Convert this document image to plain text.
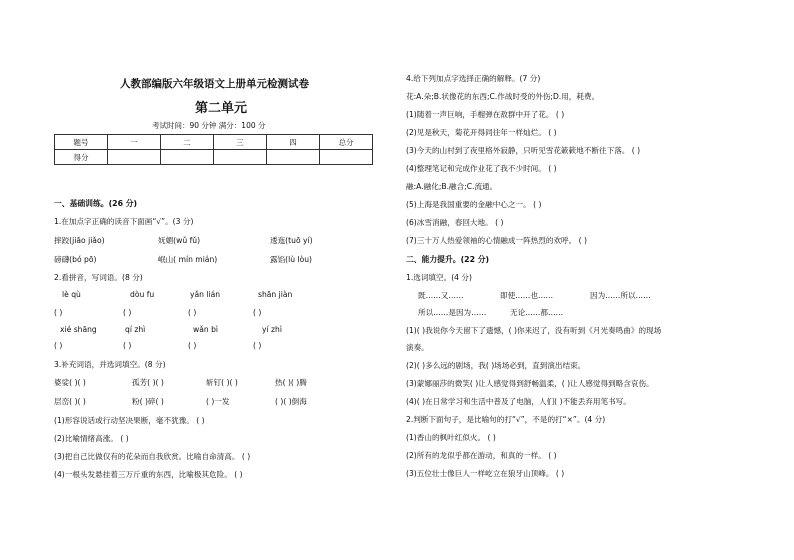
人教部编版六年级语文上册单元检测试卷
第二单元
考试时间：90 分钟 满分：100 分
题号	一	二	三	四	总分
得分					
一、基础训练。(26 分)
1.在加点字正确的读音下面画“√”。(3 分)
摔跤(jiāo jiǎo)	妩媚(wǔ fǔ)	逶迤(tuō yí)
磅礴(bó pō)	岷山( mín mián)	露馅(lù lòu)
2.看拼音，写词语。(8 分)
lè qù	dòu fu	yǎn lián	shān jiàn
( )	( )	( )	( )
xié shāng	qí zhì	wǎn bì	yí zhì
( )	( )	( )	( )
3.补充词语，并选词填空。(8 分)
婆娑( )( )	孤芳( )( )	斩钉( )( )	热( )( )腾
层峦( )( )	粉( )碎( )	( )一发	( )( )倒海
(1)形容说话或行动坚决果断，毫不犹豫。 ( )
(2)比喻情绪高涨。 ( )
(3)把自己比做仅有的花朵而自我欣赏。比喻自命清高。 ( )
(4)一根头发悬挂着三万斤重的东西，比喻极其危险。 ( )
4.给下列加点字选择正确的解释。(7 分)
花:A.朵;B.状像花的东西;C.作战时受的外伤;D.用，耗费。
(1)随着一声巨响，手榴弹在敌群中开了花。 ( )
(2)见是秋天，菊花开得同往年一样灿烂。 ( )
(3)今天的山村到了夜里格外寂静，只听见雪花簌簌地不断往下落。 ( )
(4)整理笔记和完成作业花了我不少时间。 ( )
融:A.融化;B.融合;C.流通。
(5)上海是我国重要的金融中心之一。 ( )
(6)冰雪消融，春回大地。 ( )
(7)三十万人热爱领袖的心情融成一阵热烈的欢呼。 ( )
二、能力提升。(22 分)
1.选词填空。(4 分)
既……又……	即使……也……	因为……所以……
所以……是因为……	无论……都……
(1)( )我说你今天留下了遗憾，( )你来迟了，没有听到《月光奏鸣曲》的现场
演奏。
(2)( )多么远的剧场，我( )场场必到，直到演出结束。
(3)蒙娜丽莎的微笑( )让人感觉得到舒畅温柔，( )让人感觉得到略含哀伤。
(4)( )在日常学习和生活中普及了电脑，人们( )不能丢弃用笔书写。
2.判断下面句子，是比喻句的打“√”，不是的打“×”。(4 分)
(1)香山的枫叶红似火。 ( )
(2)所有的龙似乎都在游动，和真的一样。 ( )
(3)五位壮士像巨人一样屹立在狼牙山顶峰。 ( )
